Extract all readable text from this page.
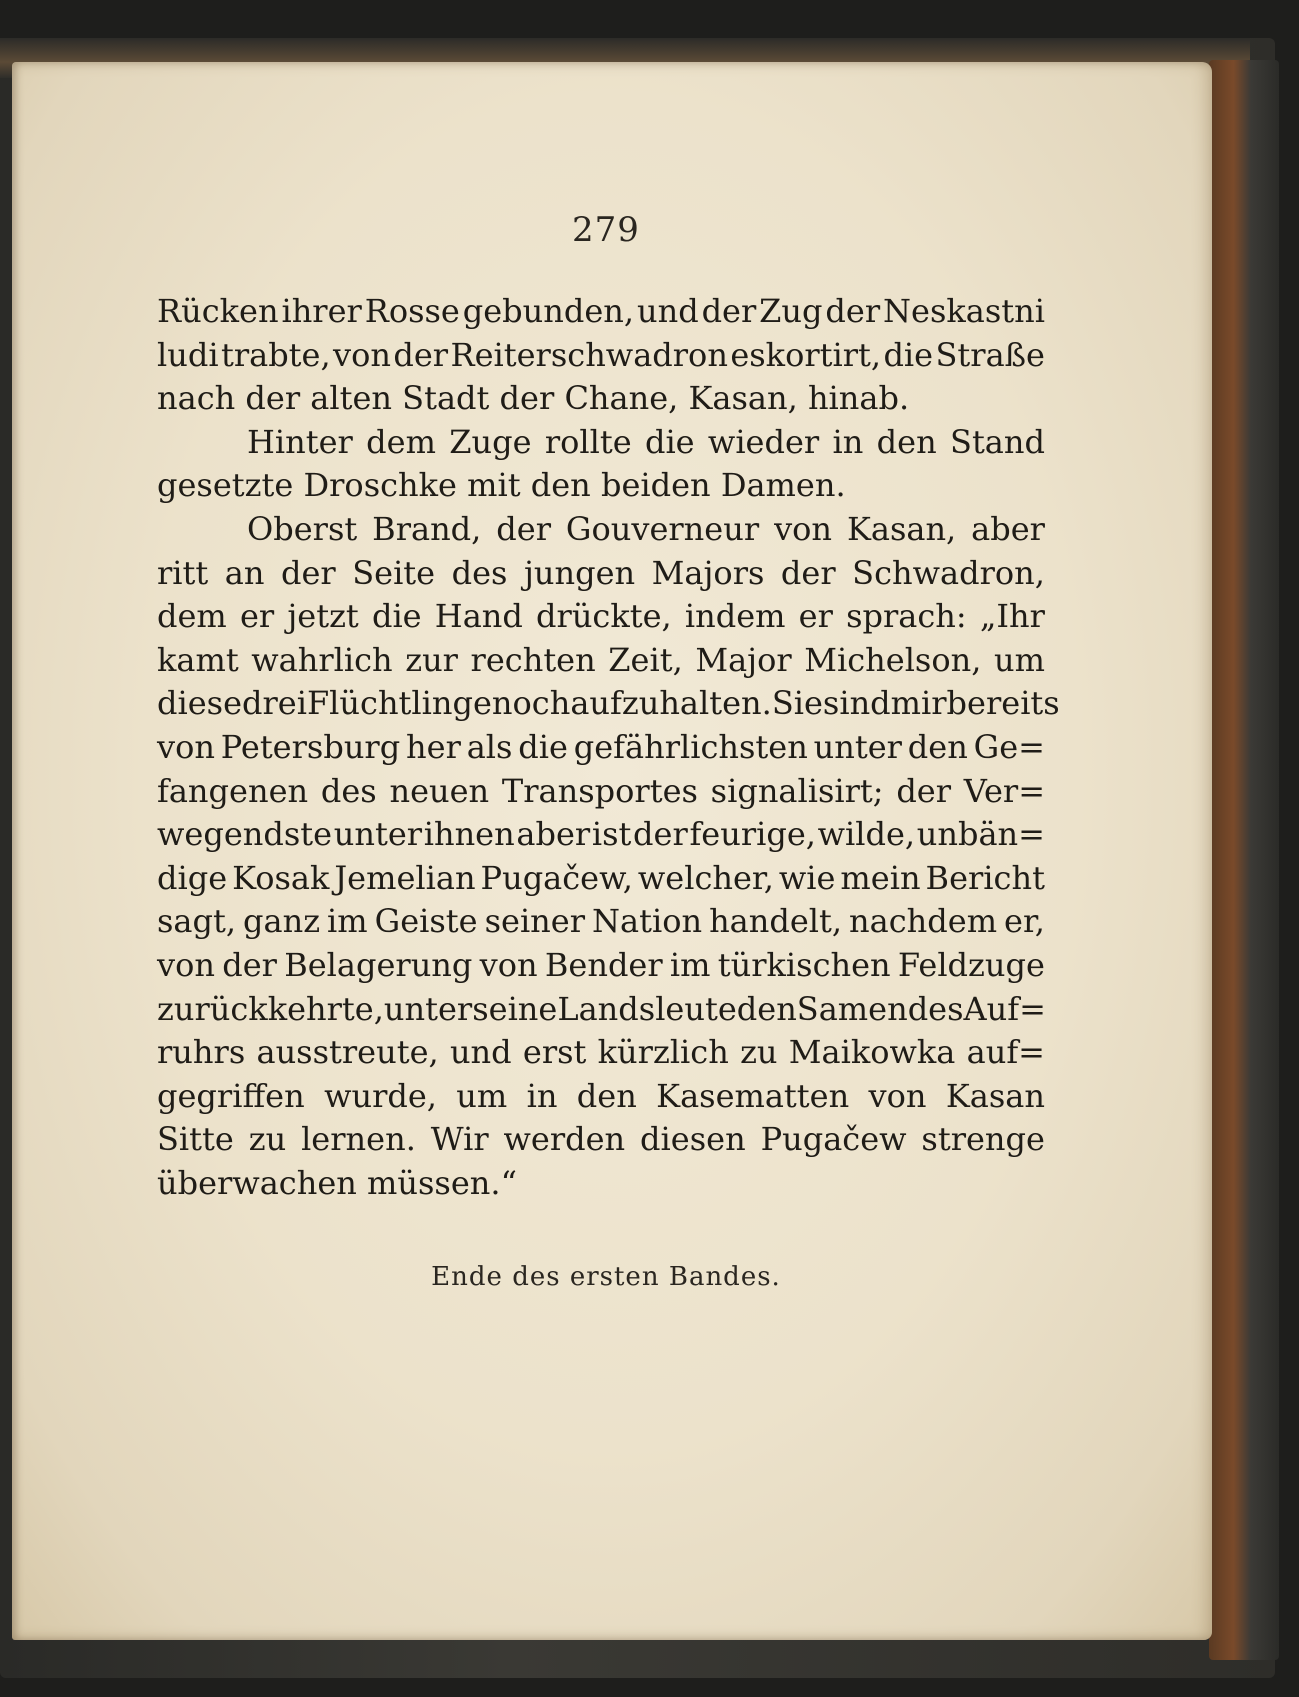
279
Rücken ihrer Rosse gebunden, und der Zug der Neskastni
ludi trabte, von der Reiterschwadron eskortirt, die Straße
nach der alten Stadt der Chane, Kasan, hinab.
Hinter dem Zuge rollte die wieder in den Stand
gesetzte Droschke mit den beiden Damen.
Oberst Brand, der Gouverneur von Kasan, aber
ritt an der Seite des jungen Majors der Schwadron,
dem er jetzt die Hand drückte, indem er sprach: „Ihr
kamt wahrlich zur rechten Zeit, Major Michelson, um
diese drei Flüchtlinge noch aufzuhalten. Sie sind mir bereits
von Petersburg her als die gefährlichsten unter den Ge=
fangenen des neuen Transportes signalisirt; der Ver=
wegendste unter ihnen aber ist der feurige, wilde, unbän=
dige Kosak Jemelian Pugačew, welcher, wie mein Bericht
sagt, ganz im Geiste seiner Nation handelt, nachdem er,
von der Belagerung von Bender im türkischen Feldzuge
zurückkehrte, unter seine Landsleute den Samen des Auf=
ruhrs ausstreute, und erst kürzlich zu Maikowka auf=
gegriffen wurde, um in den Kasematten von Kasan
Sitte zu lernen. Wir werden diesen Pugačew strenge
überwachen müssen.“
Ende des ersten Bandes.
